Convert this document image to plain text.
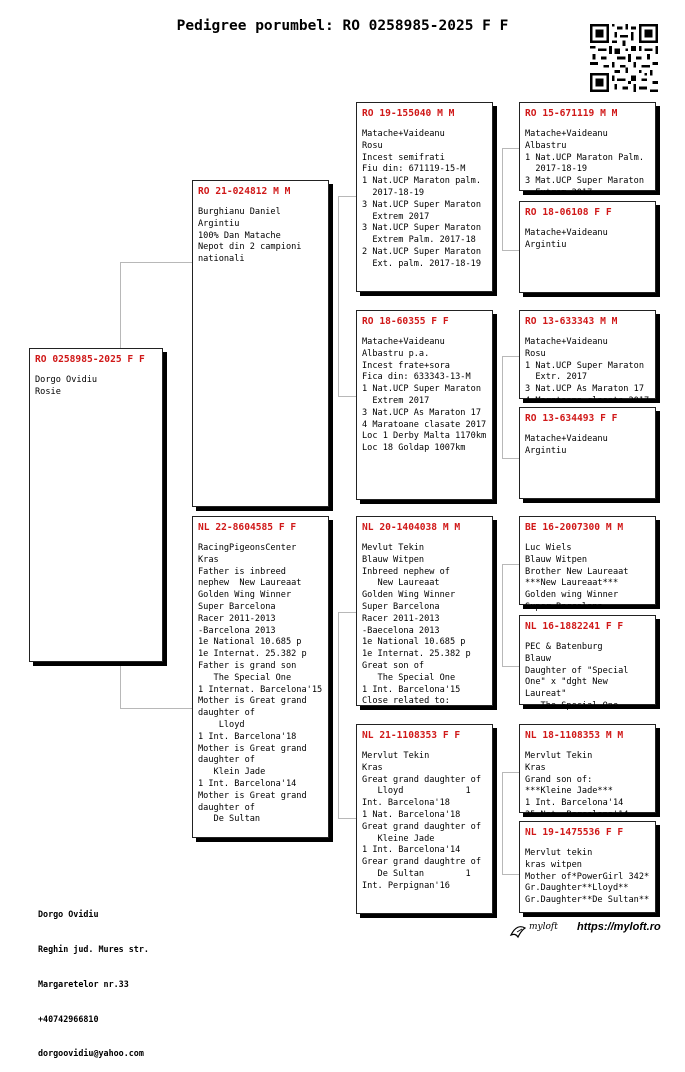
Pedigree porumbel: RO 0258985-2025 F F
RO 0258985-2025 F F
Dorgo Ovidiu
Rosie
RO 21-024812 M M
Burghianu Daniel
Argintiu
100% Dan Matache
Nepot din 2 campioni
nationali
NL 22-8604585 F F
RacingPigeonsCenter
Kras
Father is inbreed
nephew  New Laureaat
Golden Wing Winner
Super Barcelona
Racer 2011-2013
-Barcelona 2013
1e National 10.685 p
1e Internat. 25.382 p
Father is grand son
The Special One
1 Internat. Barcelona'15
Mother is Great grand
daughter of
Lloyd
1 Int. Barcelona'18
Mother is Great grand
daughter of
Klein Jade
1 Int. Barcelona'14
Mother is Great grand
daughter of
De Sultan
RO 19-155040 M M
Matache+Vaideanu
Rosu
Incest semifrati
Fiu din: 671119-15-M
1 Nat.UCP Maraton palm.
2017-18-19
3 Nat.UCP Super Maraton
Extrem 2017
3 Nat.UCP Super Maraton
Extrem Palm. 2017-18
2 Nat.UCP Super Maraton
Ext. palm. 2017-18-19
RO 18-60355 F F
Matache+Vaideanu
Albastru p.a.
Incest frate+sora
Fica din: 633343-13-M
1 Nat.UCP Super Maraton
Extrem 2017
3 Nat.UCP As Maraton 17
4 Maratoane clasate 2017
Loc 1 Derby Malta 1170km
Loc 18 Goldap 1007km
NL 20-1404038 M M
Mevlut Tekin
Blauw Witpen
Inbreed nephew of
New Laureaat
Golden Wing Winner
Super Barcelona
Racer 2011-2013
-Baecelona 2013
1e National 10.685 p
1e Internat. 25.382 p
Great son of
The Special One
1 Int. Barcelona'15
Close related to:
NL 21-1108353 F F
Mervlut Tekin
Kras
Great grand daughter of
Lloyd            1
Int. Barcelona'18
1 Nat. Barcelona'18
Great grand daughter of
Kleine Jade
1 Int. Barcelona'14
Grear grand daughtre of
De Sultan        1
Int. Perpignan'16
RO 15-671119 M M
Matache+Vaideanu
Albastru
1 Nat.UCP Maraton Palm.
2017-18-19
3 Mat.UCP Super Maraton
Extrem 2017
RO 18-06108 F F
Matache+Vaideanu
Argintiu
RO 13-633343 M M
Matache+Vaideanu
Rosu
1 Nat.UCP Super Maraton
Extr. 2017
3 Nat.UCP As Maraton 17
4 Maratoane clasate 2017
RO 13-634493 F F
Matache+Vaideanu
Argintiu
BE 16-2007300 M M
Luc Wiels
Blauw Witpen
Brother New Laureaat
***New Laureaat***
Golden wing Winner
Super Barcelona
NL 16-1882241 F F
PEC & Batenburg
Blauw
Daughter of "Special
One" x "dght New
Laureat"
The Special One
NL 18-1108353 M M
Mervlut Tekin
Kras
Grand son of:
***Kleine Jade***
1 Int. Barcelona'14
35 Nat. Barcelona'14
NL 19-1475536 F F
Mervlut tekin
kras witpen
Mother of*PowerGirl 342*
Gr.Daughter**Lloyd**
Gr.Daughter**De Sultan**

Dorgo Ovidiu

Reghin jud. Mures str.

Margaretelor nr.33

+40742966810

dorgoovidiu@yahoo.com

myloft https://myloft.ro
